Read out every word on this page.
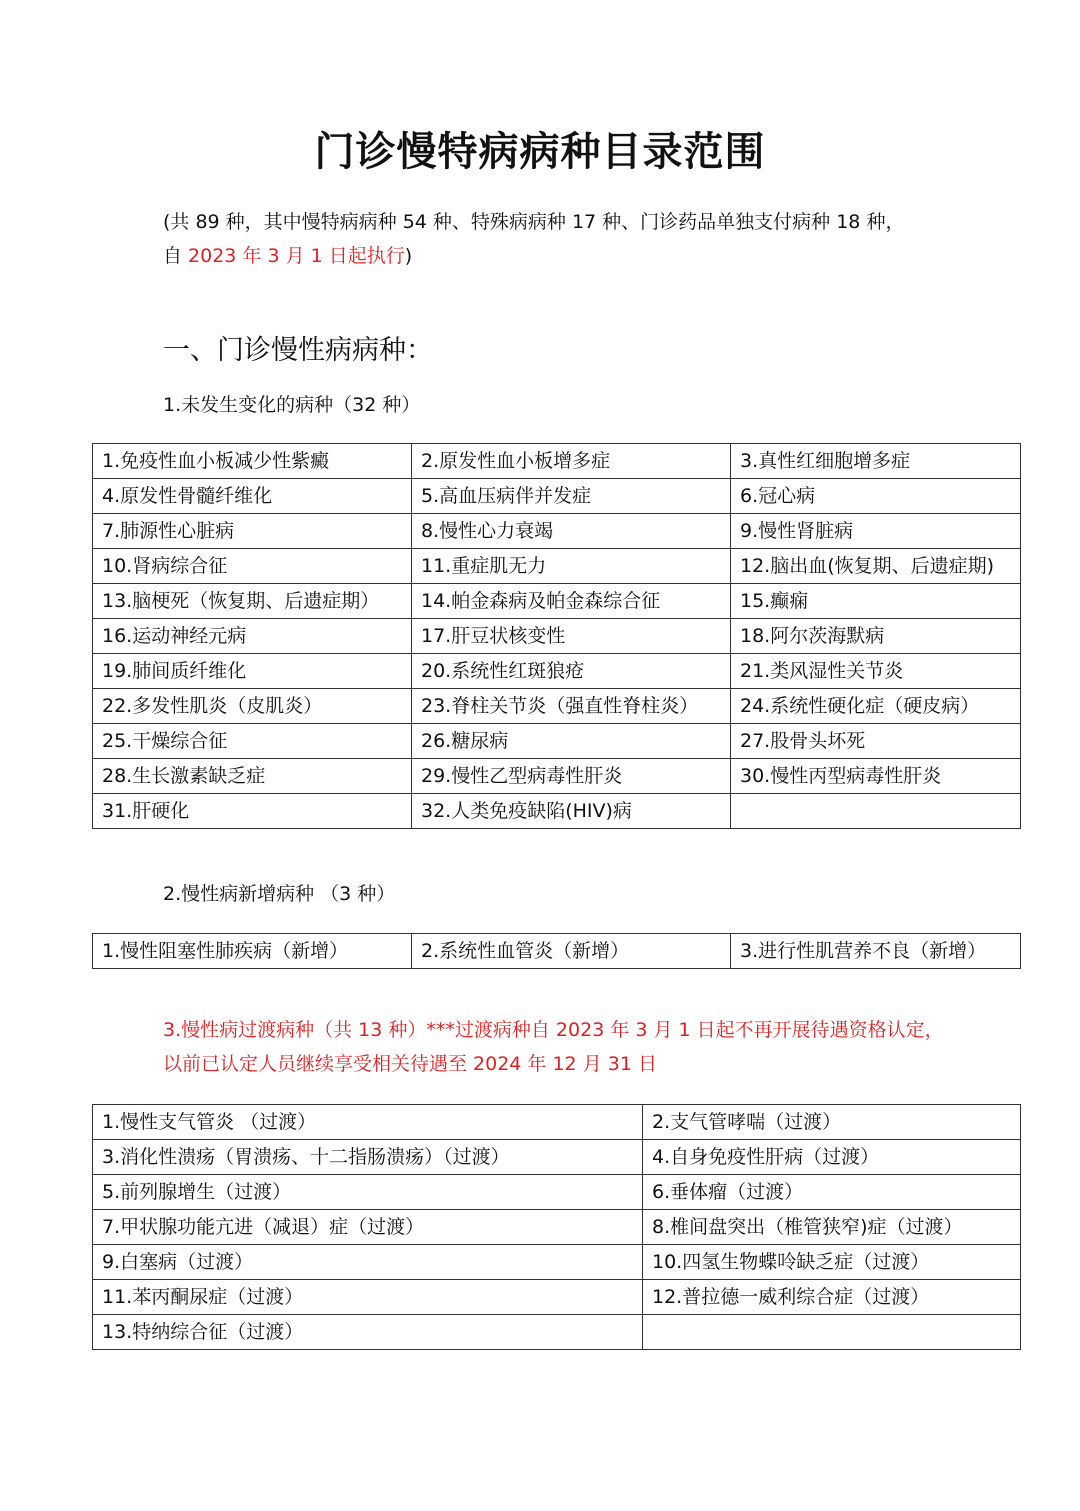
门诊慢特病病种目录范围
(共 89 种，其中慢特病病种 54 种、特殊病病种 17 种、门诊药品单独支付病种 18 种，
自 2023 年 3 月 1 日起执行)
一、门诊慢性病病种：
1.未发生变化的病种（32 种）
1.免疫性血小板减少性紫癜	2.原发性血小板增多症	3.真性红细胞增多症
4.原发性骨髓纤维化	5.高血压病伴并发症	6.冠心病
7.肺源性心脏病	8.慢性心力衰竭	9.慢性肾脏病
10.肾病综合征	11.重症肌无力	12.脑出血(恢复期、后遗症期)
13.脑梗死（恢复期、后遗症期）	14.帕金森病及帕金森综合征	15.癫痫
16.运动神经元病	17.肝豆状核变性	18.阿尔茨海默病
19.肺间质纤维化	20.系统性红斑狼疮	21.类风湿性关节炎
22.多发性肌炎（皮肌炎）	23.脊柱关节炎（强直性脊柱炎）	24.系统性硬化症（硬皮病）
25.干燥综合征	26.糖尿病	27.股骨头坏死
28.生长激素缺乏症	29.慢性乙型病毒性肝炎	30.慢性丙型病毒性肝炎
31.肝硬化	32.人类免疫缺陷(HIV)病	
2.慢性病新增病种 （3 种）
1.慢性阻塞性肺疾病（新增）	2.系统性血管炎（新增）	3.进行性肌营养不良（新增）
3.慢性病过渡病种（共 13 种）***过渡病种自 2023 年 3 月 1 日起不再开展待遇资格认定，
以前已认定人员继续享受相关待遇至 2024 年 12 月 31 日
1.慢性支气管炎 （过渡）	2.支气管哮喘（过渡）
3.消化性溃疡（胃溃疡、十二指肠溃疡）（过渡）	4.自身免疫性肝病（过渡）
5.前列腺增生（过渡）	6.垂体瘤（过渡）
7.甲状腺功能亢进（减退）症（过渡）	8.椎间盘突出（椎管狭窄)症（过渡）
9.白塞病（过渡）	10.四氢生物蝶呤缺乏症（过渡）
11.苯丙酮尿症（过渡）	12.普拉德一威利综合症（过渡）
13.特纳综合征（过渡）	
